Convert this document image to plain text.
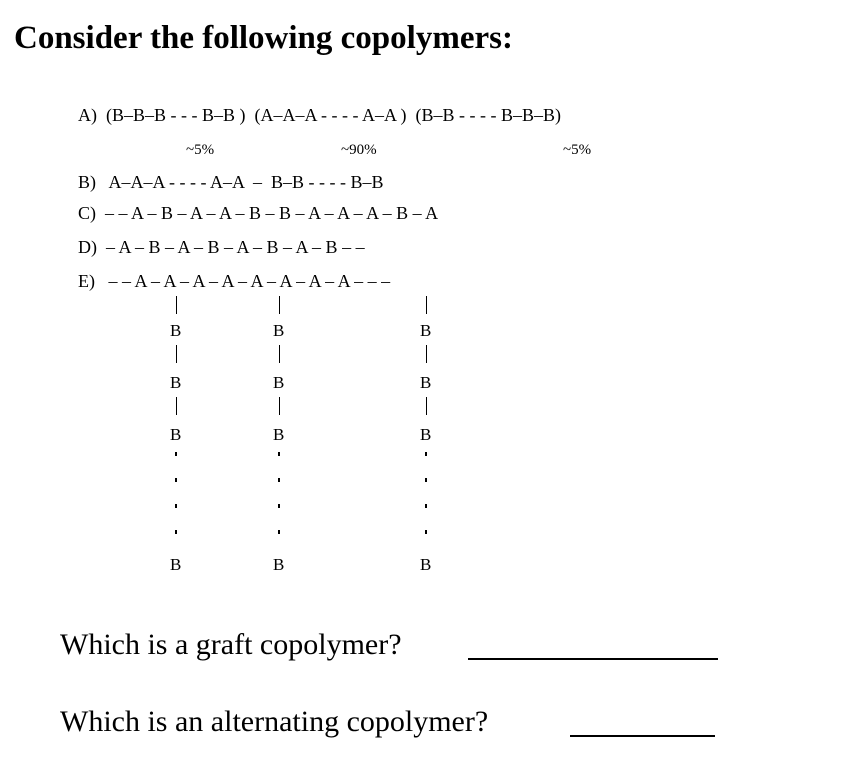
Consider the following copolymers:
A)  (B–B–B - - - B–B )  (A–A–A - - - - A–A )  (B–B - - - - B–B–B)
~5%	~90%	~5%
B)   A–A–A - - - - A–A  –  B–B - - - - B–B
C)  – – A – B – A – A – B – B – A – A – A – B – A
D)  – A – B – A – B – A – B – A – B – –
E)   – – A – A – A – A – A – A – A – A – – –
B
B
B
B
B
B
B
B
B
B
B
B
Which is a graft copolymer?
Which is an alternating copolymer?
